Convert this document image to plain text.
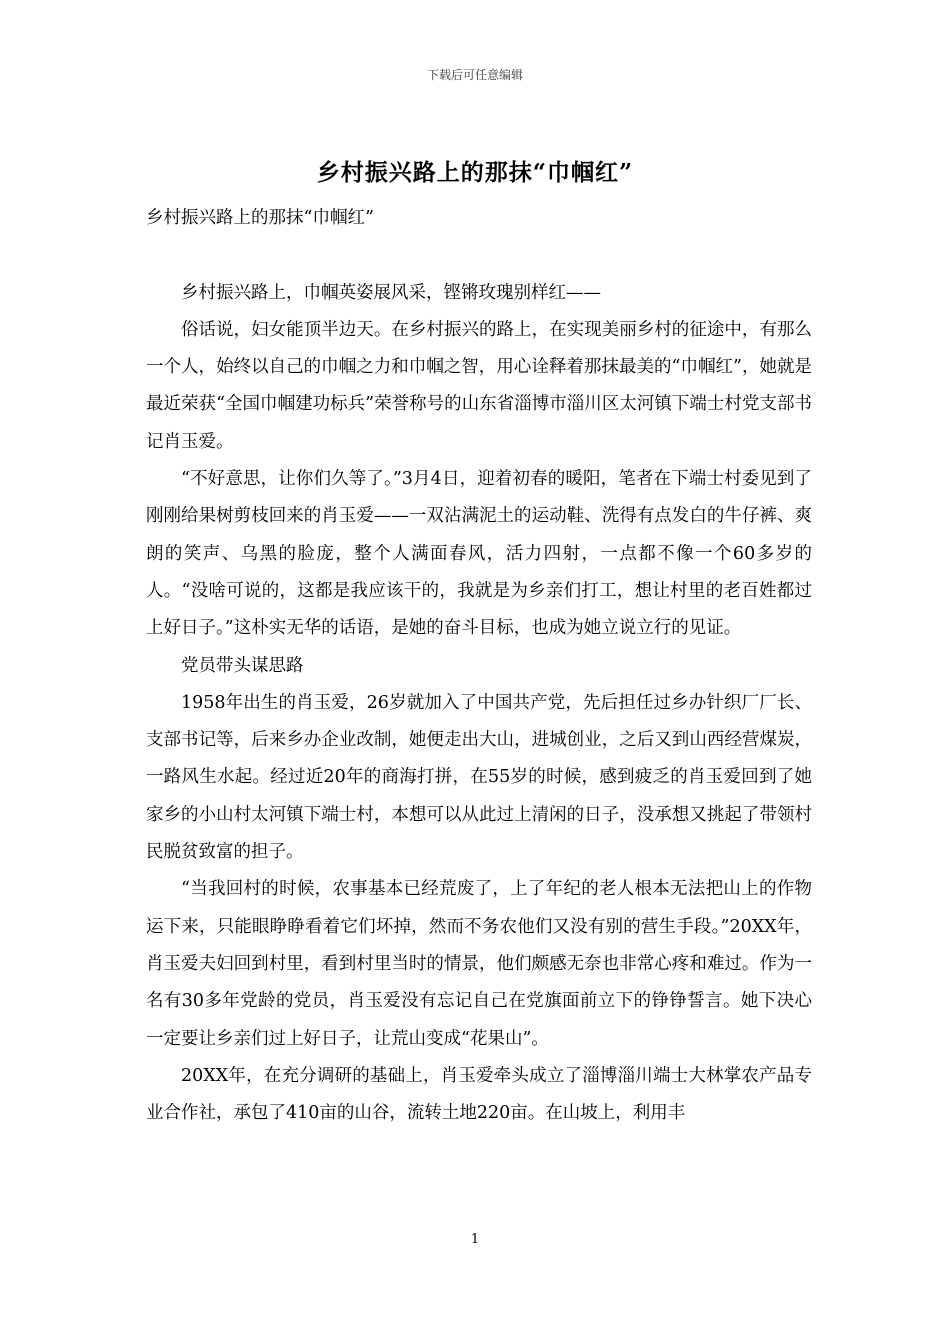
下载后可任意编辑
乡村振兴路上的那抹“巾帼红”

乡村振兴路上的那抹“巾帼红”

乡村振兴路上，巾帼英姿展风采，铿锵玫瑰别样红——

俗话说，妇女能顶半边天。在乡村振兴的路上，在实现美丽乡村的征途中，有那么一个人，始终以自己的巾帼之力和巾帼之智，用心诠释着那抹最美的“巾帼红”，她就是最近荣获“全国巾帼建功标兵”荣誉称号的山东省淄博市淄川区太河镇下端士村党支部书记肖玉爱。

“不好意思，让你们久等了。”3月4日，迎着初春的暖阳，笔者在下端士村委见到了刚刚给果树剪枝回来的肖玉爱——一双沾满泥土的运动鞋、洗得有点发白的牛仔裤、爽朗的笑声、乌黑的脸庞，整个人满面春风，活力四射，一点都不像一个60多岁的人。“没啥可说的，这都是我应该干的，我就是为乡亲们打工，想让村里的老百姓都过上好日子。”这朴实无华的话语，是她的奋斗目标，也成为她立说立行的见证。

党员带头谋思路

1958年出生的肖玉爱，26岁就加入了中国共产党，先后担任过乡办针织厂厂长、支部书记等，后来乡办企业改制，她便走出大山，进城创业，之后又到山西经营煤炭，一路风生水起。经过近20年的商海打拼，在55岁的时候，感到疲乏的肖玉爱回到了她家乡的小山村太河镇下端士村，本想可以从此过上清闲的日子，没承想又挑起了带领村民脱贫致富的担子。

“当我回村的时候，农事基本已经荒废了，上了年纪的老人根本无法把山上的作物运下来，只能眼睁睁看着它们坏掉，然而不务农他们又没有别的营生手段。”20XX年，肖玉爱夫妇回到村里，看到村里当时的情景，他们颇感无奈也非常心疼和难过。作为一名有30多年党龄的党员，肖玉爱没有忘记自己在党旗面前立下的铮铮誓言。她下决心一定要让乡亲们过上好日子，让荒山变成“花果山”。

20XX年，在充分调研的基础上，肖玉爱牵头成立了淄博淄川端士大林掌农产品专业合作社，承包了410亩的山谷，流转土地220亩。在山坡上，利用丰

1
